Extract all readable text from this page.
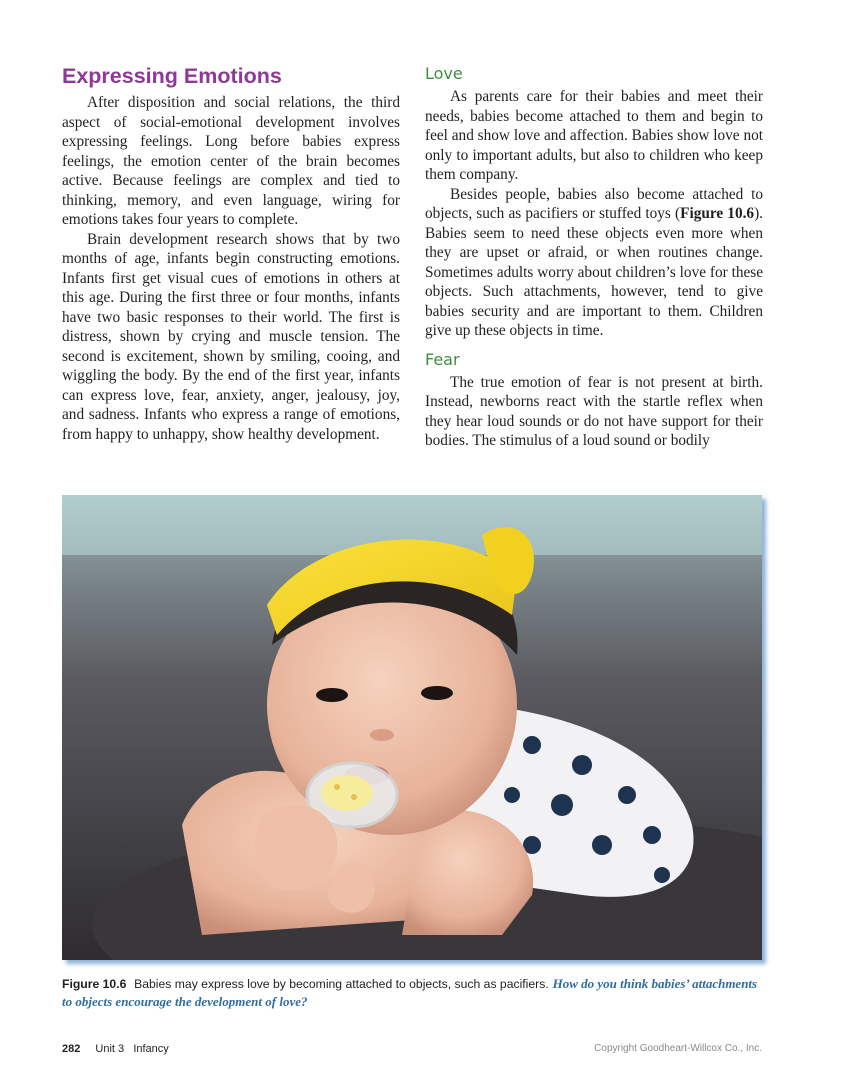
Expressing Emotions

After disposition and social relations, the third aspect of social-emotional development involves expressing feelings. Long before babies express feelings, the emotion center of the brain becomes active. Because feelings are complex and tied to thinking, memory, and even language, wiring for emotions takes four years to complete.

Brain development research shows that by two months of age, infants begin constructing emotions. Infants first get visual cues of emotions in others at this age. During the first three or four months, infants have two basic responses to their world. The first is distress, shown by crying and muscle tension. The second is excitement, shown by smiling, cooing, and wiggling the body. By the end of the first year, infants can express love, fear, anxiety, anger, jealousy, joy, and sadness. Infants who express a range of emotions, from happy to unhappy, show healthy development.

Love

As parents care for their babies and meet their needs, babies become attached to them and begin to feel and show love and affection. Babies show love not only to important adults, but also to children who keep them company.

Besides people, babies also become attached to objects, such as pacifiers or stuffed toys (Figure 10.6). Babies seem to need these objects even more when they are upset or afraid, or when routines change. Sometimes adults worry about children’s love for these objects. Such attachments, however, tend to give babies security and are important to them. Children give up these objects in time.

Fear

The true emotion of fear is not present at birth. Instead, newborns react with the startle reflex when they hear loud sounds or do not have support for their bodies. The stimulus of a loud sound or bodily

Figure 10.6 Babies may express love by becoming attached to objects, such as pacifiers. How do you think babies’ attachments to objects encourage the development of love?
282 Unit 3   Infancy	Copyright Goodheart-Willcox Co., Inc.
